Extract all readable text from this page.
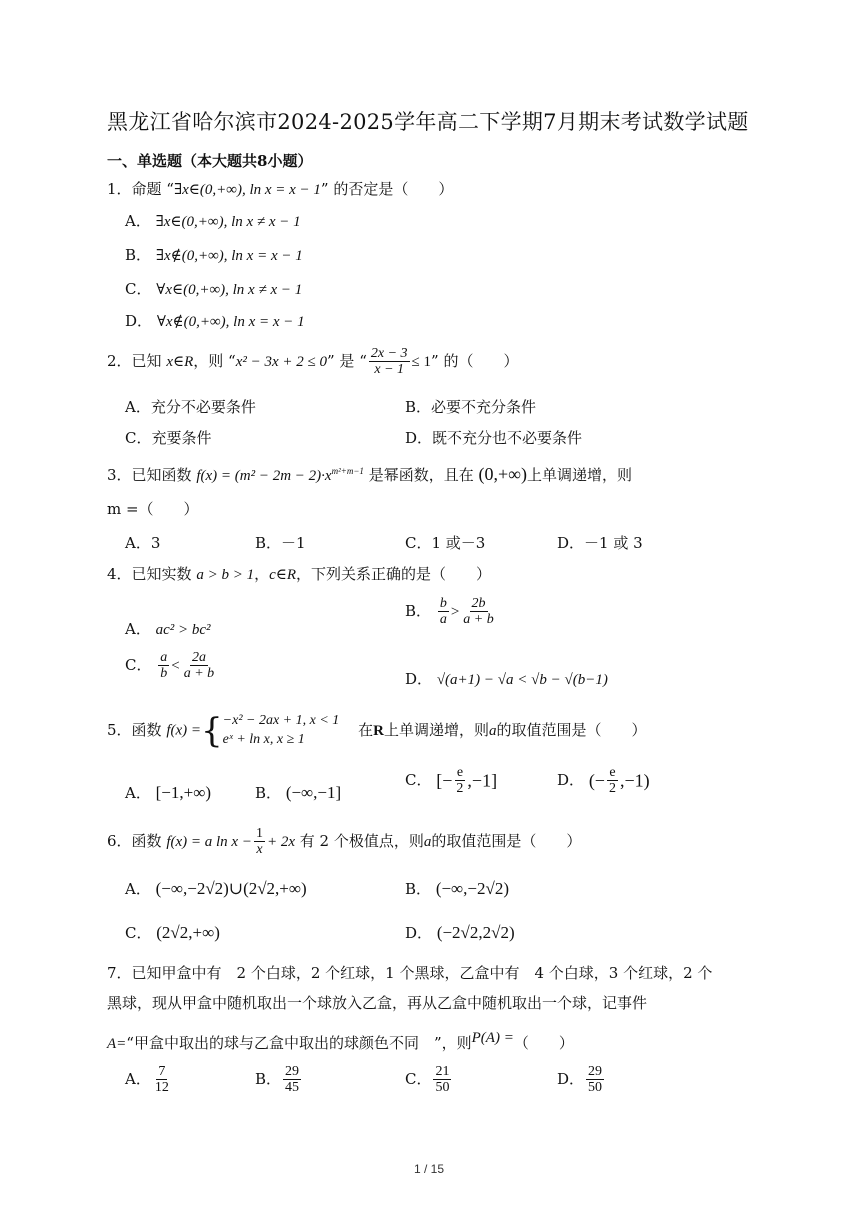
黑龙江省哈尔滨市2024-2025学年高二下学期7月期末考试数学试题
一、单选题（本大题共8小题）
1．命题 “∃x∈(0,+∞), ln x = x − 1” 的否定是（　　）
A． ∃x∈(0,+∞), ln x ≠ x − 1
B． ∃x∉(0,+∞), ln x = x − 1
C． ∀x∈(0,+∞), ln x ≠ x − 1
D． ∀x∉(0,+∞), ln x = x − 1
2．已知 x∈R，则 “x² − 3x + 2 ≤ 0” 是 “ $\frac{2x - 3}{x - 1} \le 1$” 的（　　）
A．充分不必要条件	B．必要不充分条件
C．充要条件	D．既不充分也不必要条件
3．已知函数 $f(x) = (m^2 - 2m - 2)\cdot x^{m^2+m-1}$ 是幂函数，且在 (0,+∞)上单调递增，则
m =（　　）
A．3	B．－1	C．1 或－3	D．－1 或 3
4．已知实数 a > b > 1，c∈R，下列关系正确的是（　　）
A． ac² > bc²
B． $\frac{b}{a} > \frac{2b}{a + b}$
C． $\frac{a}{b} < \frac{2a}{a + b}$	D． √(a+1) − √a < √b − √(b−1)
5．函数 f(x) ={ −x² − 2ax + 1, x < 1
eˣ + ln x, x ≥ 1
在R上单调递增，则a的取值范围是（　　）
A． [−1,+∞)	B． (−∞,−1]
C． [− $\frac{e}{2} ,-1$]	D． (− $\frac{e}{2} ,-1$)
6．函数 f(x) = a $\ln x - \frac{1}{x} + 2x$ 有 2 个极值点，则a的取值范围是（　　）
A． (−∞,−2√2)∪(2√2,+∞)	B． (−∞,−2√2)
C． (2√2,+∞)	D． (−2√2,2√2)
7．已知甲盒中有　2 个白球，2 个红球，1 个黑球，乙盒中有　4 个白球，3 个红球，2 个
黑球，现从甲盒中随机取出一个球放入乙盒，再从乙盒中随机取出一个球，记事件
A=“甲盒中取出的球与乙盒中取出的球颜色不同　”，则P(A) =（　　）
A． $\frac{7}{12}$	B． $\frac{29}{45}$	C． $\frac{21}{50}$	D． $\frac{29}{50}$
1 / 15
